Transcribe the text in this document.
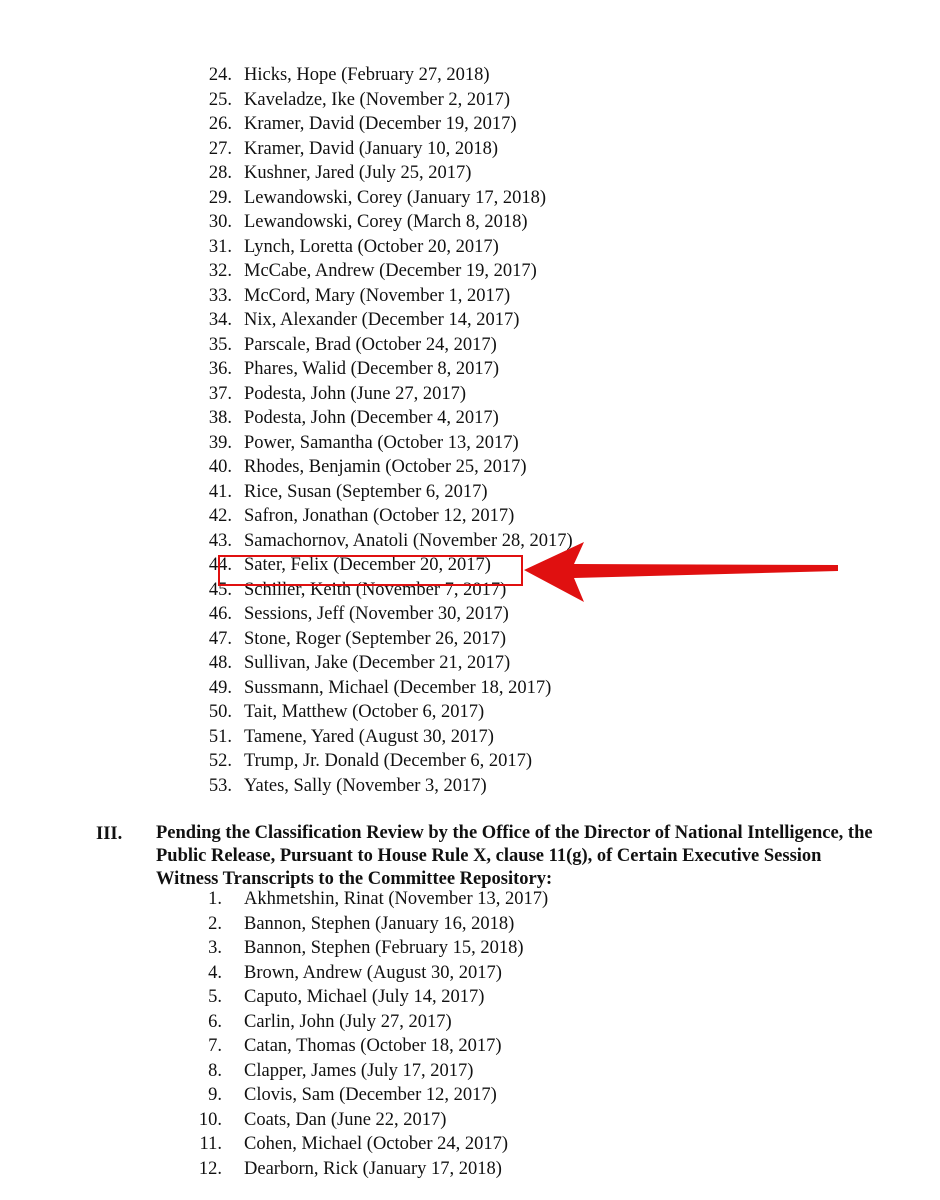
24. Hicks, Hope (February 27, 2018)
25. Kaveladze, Ike (November 2, 2017)
26. Kramer, David (December 19, 2017)
27. Kramer, David (January 10, 2018)
28. Kushner, Jared (July 25, 2017)
29. Lewandowski, Corey (January 17, 2018)
30. Lewandowski, Corey (March 8, 2018)
31. Lynch, Loretta (October 20, 2017)
32. McCabe, Andrew (December 19, 2017)
33. McCord, Mary (November 1, 2017)
34. Nix, Alexander (December 14, 2017)
35. Parscale, Brad (October 24, 2017)
36. Phares, Walid (December 8, 2017)
37. Podesta, John (June 27, 2017)
38. Podesta, John (December 4, 2017)
39. Power, Samantha (October 13, 2017)
40. Rhodes, Benjamin (October 25, 2017)
41. Rice, Susan (September 6, 2017)
42. Safron, Jonathan (October 12, 2017)
43. Samachornov, Anatoli (November 28, 2017)
44. Sater, Felix (December 20, 2017)
45. Schiller, Keith (November 7, 2017)
46. Sessions, Jeff (November 30, 2017)
47. Stone, Roger (September 26, 2017)
48. Sullivan, Jake (December 21, 2017)
49. Sussmann, Michael (December 18, 2017)
50. Tait, Matthew (October 6, 2017)
51. Tamene, Yared (August 30, 2017)
52. Trump, Jr. Donald (December 6, 2017)
53. Yates, Sally (November 3, 2017)
III. Pending the Classification Review by the Office of the Director of National Intelligence, the Public Release, Pursuant to House Rule X, clause 11(g), of Certain Executive Session Witness Transcripts to the Committee Repository:
1. Akhmetshin, Rinat (November 13, 2017)
2. Bannon, Stephen (January 16, 2018)
3. Bannon, Stephen (February 15, 2018)
4. Brown, Andrew (August 30, 2017)
5. Caputo, Michael (July 14, 2017)
6. Carlin, John (July 27, 2017)
7. Catan, Thomas (October 18, 2017)
8. Clapper, James (July 17, 2017)
9. Clovis, Sam (December 12, 2017)
10. Coats, Dan (June 22, 2017)
11. Cohen, Michael (October 24, 2017)
12. Dearborn, Rick (January 17, 2018)
